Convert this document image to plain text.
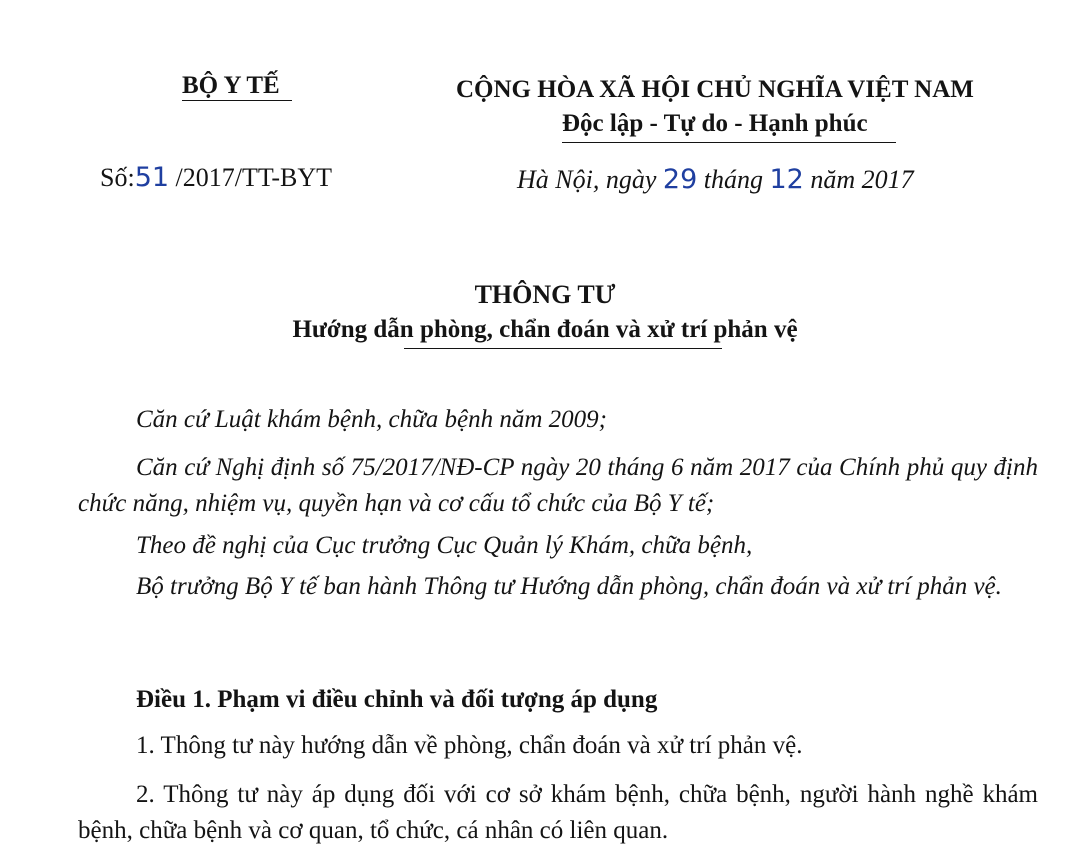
BỘ Y TẾ	CỘNG HÒA XÃ HỘI CHỦ NGHĨA VIỆT NAM
Độc lập - Tự do - Hạnh phúc
Số:51 /2017/TT-BYT	Hà Nội, ngày 29 tháng 12 năm 2017
THÔNG TƯ
Hướng dẫn phòng, chẩn đoán và xử trí phản vệ
Căn cứ Luật khám bệnh, chữa bệnh năm 2009;
Căn cứ Nghị định số 75/2017/NĐ-CP ngày 20 tháng 6 năm 2017 của Chính phủ quy định chức năng, nhiệm vụ, quyền hạn và cơ cấu tổ chức của Bộ Y tế;
Theo đề nghị của Cục trưởng Cục Quản lý Khám, chữa bệnh,
Bộ trưởng Bộ Y tế ban hành Thông tư Hướng dẫn phòng, chẩn đoán và xử trí phản vệ.
Điều 1. Phạm vi điều chỉnh và đối tượng áp dụng
1. Thông tư này hướng dẫn về phòng, chẩn đoán và xử trí phản vệ.
2. Thông tư này áp dụng đối với cơ sở khám bệnh, chữa bệnh, người hành nghề khám bệnh, chữa bệnh và cơ quan, tổ chức, cá nhân có liên quan.
